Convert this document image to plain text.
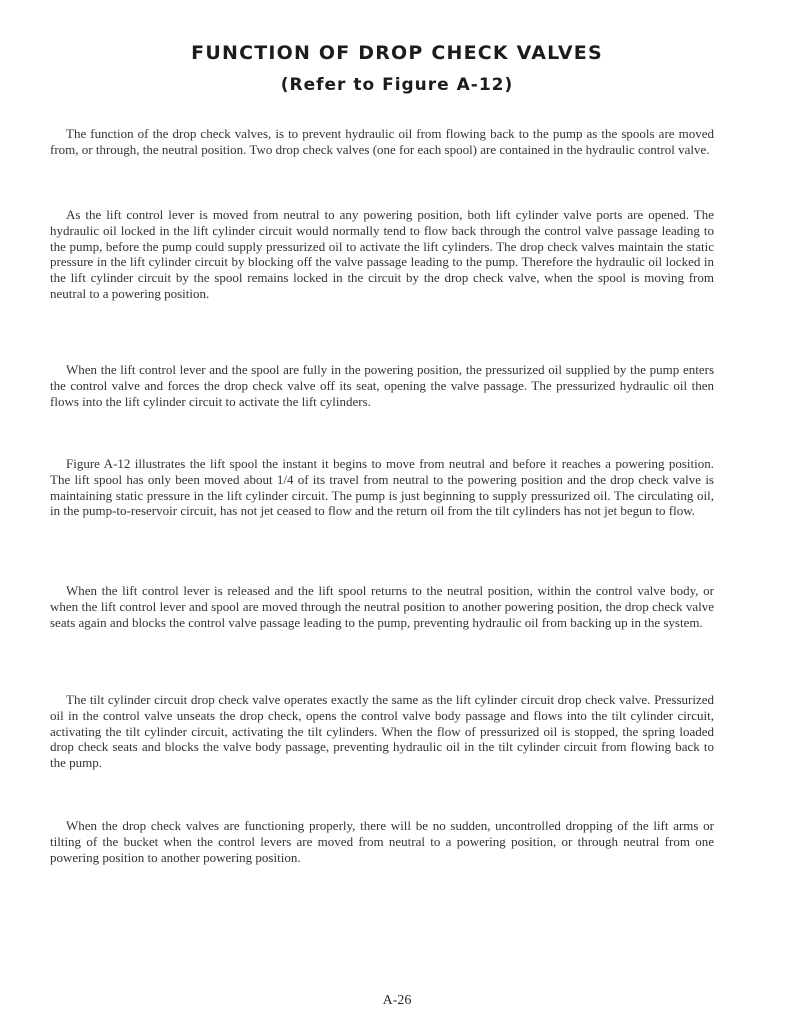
FUNCTION OF DROP CHECK VALVES
(Refer to Figure A-12)

The function of the drop check valves, is to prevent hydraulic oil from flowing back to the pump as the spools are moved from, or through, the neutral position. Two drop check valves (one for each spool) are contained in the hydraulic control valve.

As the lift control lever is moved from neutral to any powering position, both lift cylinder valve ports are opened. The hydraulic oil locked in the lift cylinder circuit would normally tend to flow back through the control valve passage leading to the pump, before the pump could supply pressurized oil to activate the lift cylinders. The drop check valves maintain the static pressure in the lift cylinder circuit by blocking off the valve passage leading to the pump. Therefore the hydraulic oil locked in the lift cylinder circuit by the spool remains locked in the circuit by the drop check valve, when the spool is moving from neutral to a powering position.

When the lift control lever and the spool are fully in the powering position, the pressurized oil supplied by the pump enters the control valve and forces the drop check valve off its seat, opening the valve passage. The pressurized hydraulic oil then flows into the lift cylinder circuit to activate the lift cylinders.

Figure A-12 illustrates the lift spool the instant it begins to move from neutral and before it reaches a powering position. The lift spool has only been moved about 1/4 of its travel from neutral to the powering position and the drop check valve is maintaining static pressure in the lift cylinder circuit. The pump is just beginning to supply pressurized oil. The circulating oil, in the pump-to-reservoir circuit, has not jet ceased to flow and the return oil from the tilt cylinders has not jet begun to flow.

When the lift control lever is released and the lift spool returns to the neutral position, within the control valve body, or when the lift control lever and spool are moved through the neutral position to another powering position, the drop check valve seats again and blocks the control valve passage leading to the pump, preventing hydraulic oil from backing up in the system.

The tilt cylinder circuit drop check valve operates exactly the same as the lift cylinder circuit drop check valve. Pressurized oil in the control valve unseats the drop check, opens the control valve body passage and flows into the tilt cylinder circuit, activating the tilt cylinder circuit, activating the tilt cylinders. When the flow of pressurized oil is stopped, the spring loaded drop check seats and blocks the valve body passage, preventing hydraulic oil in the tilt cylinder circuit from flowing back to the pump.

When the drop check valves are functioning properly, there will be no sudden, uncontrolled dropping of the lift arms or tilting of the bucket when the control levers are moved from neutral to a powering position, or through neutral from one powering position to another powering position.

A-26
